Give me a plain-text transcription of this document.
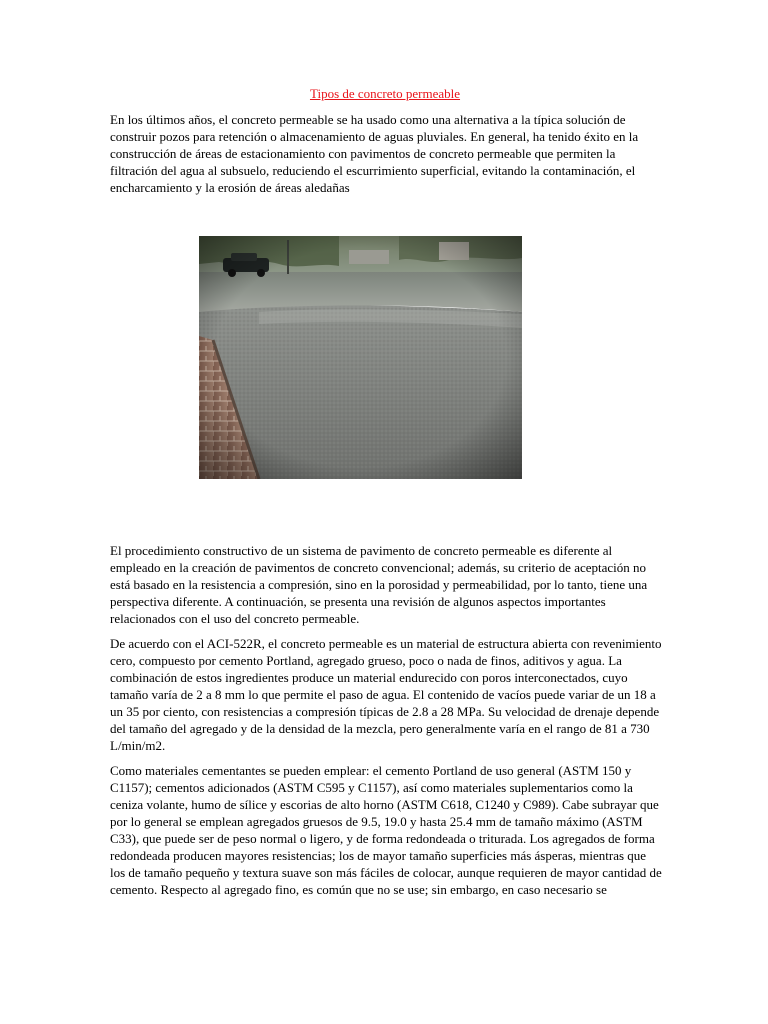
Tipos de concreto permeable

En los últimos años, el concreto permeable se ha usado como una alternativa a la típica solución de construir pozos para retención o almacenamiento de aguas pluviales. En general, ha tenido éxito en la construcción de áreas de estacionamiento con pavimentos de concreto permeable que permiten la filtración del agua al subsuelo, reduciendo el escurrimiento superficial, evitando la contaminación, el encharcamiento y la erosión de áreas aledañas

El procedimiento constructivo de un sistema de pavimento de concreto permeable es diferente al empleado en la creación de pavimentos de concreto convencional; además, su criterio de aceptación no está basado en la resistencia a compresión, sino en la porosidad y permeabilidad, por lo tanto, tiene una perspectiva diferente. A continuación, se presenta una revisión de algunos aspectos importantes relacionados con el uso del concreto permeable.

De acuerdo con el ACI-522R, el concreto permeable es un material de estructura abierta con revenimiento cero, compuesto por cemento Portland, agregado grueso, poco o nada de finos, aditivos y agua. La combinación de estos ingredientes produce un material endurecido con poros interconectados, cuyo tamaño varía de 2 a 8 mm lo que permite el paso de agua. El contenido de vacíos puede variar de un 18 a un 35 por ciento, con resistencias a compresión típicas de 2.8 a 28 MPa. Su velocidad de drenaje depende del tamaño del agregado y de la densidad de la mezcla, pero generalmente varía en el rango de 81 a 730 L/min/m2.

Como materiales cementantes se pueden emplear: el cemento Portland de uso general (ASTM 150 y C1157); cementos adicionados (ASTM C595 y C1157), así como materiales suplementarios como la ceniza volante, humo de sílice y escorias de alto horno (ASTM C618, C1240 y C989). Cabe subrayar que por lo general se emplean agregados gruesos de 9.5, 19.0 y hasta 25.4 mm de tamaño máximo (ASTM C33), que puede ser de peso normal o ligero, y de forma redondeada o triturada. Los agregados de forma redondeada producen mayores resistencias; los de mayor tamaño superficies más ásperas, mientras que los de tamaño pequeño y textura suave son más fáciles de colocar, aunque requieren de mayor cantidad de cemento. Respecto al agregado fino, es común que no se use; sin embargo, en caso necesario se
